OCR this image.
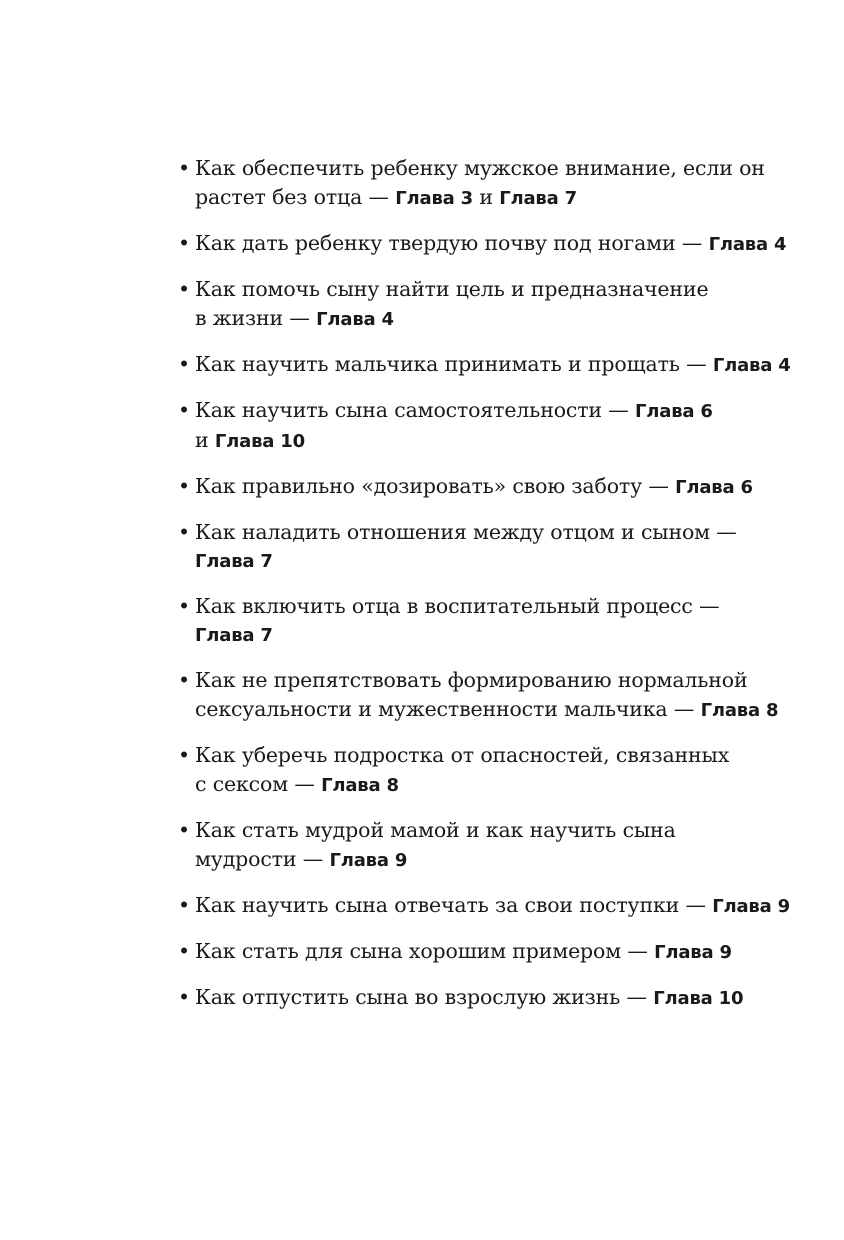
• Как обеспечить ребенку мужское внимание, если он
растет без отца — Глава 3 и Глава 7
• Как дать ребенку твердую почву под ногами — Глава 4
• Как помочь сыну найти цель и предназначение
в жизни — Глава 4
• Как научить мальчика принимать и прощать — Глава 4
• Как научить сына самостоятельности — Глава 6
и Глава 10
• Как правильно «дозировать» свою заботу — Глава 6
• Как наладить отношения между отцом и сыном —
Глава 7
• Как включить отца в воспитательный процесс —
Глава 7
• Как не препятствовать формированию нормальной
сексуальности и мужественности мальчика — Глава 8
• Как уберечь подростка от опасностей, связанных
с сексом — Глава 8
• Как стать мудрой мамой и как научить сына
мудрости — Глава 9
• Как научить сына отвечать за свои поступки — Глава 9
• Как стать для сына хорошим примером — Глава 9
• Как отпустить сына во взрослую жизнь — Глава 10
